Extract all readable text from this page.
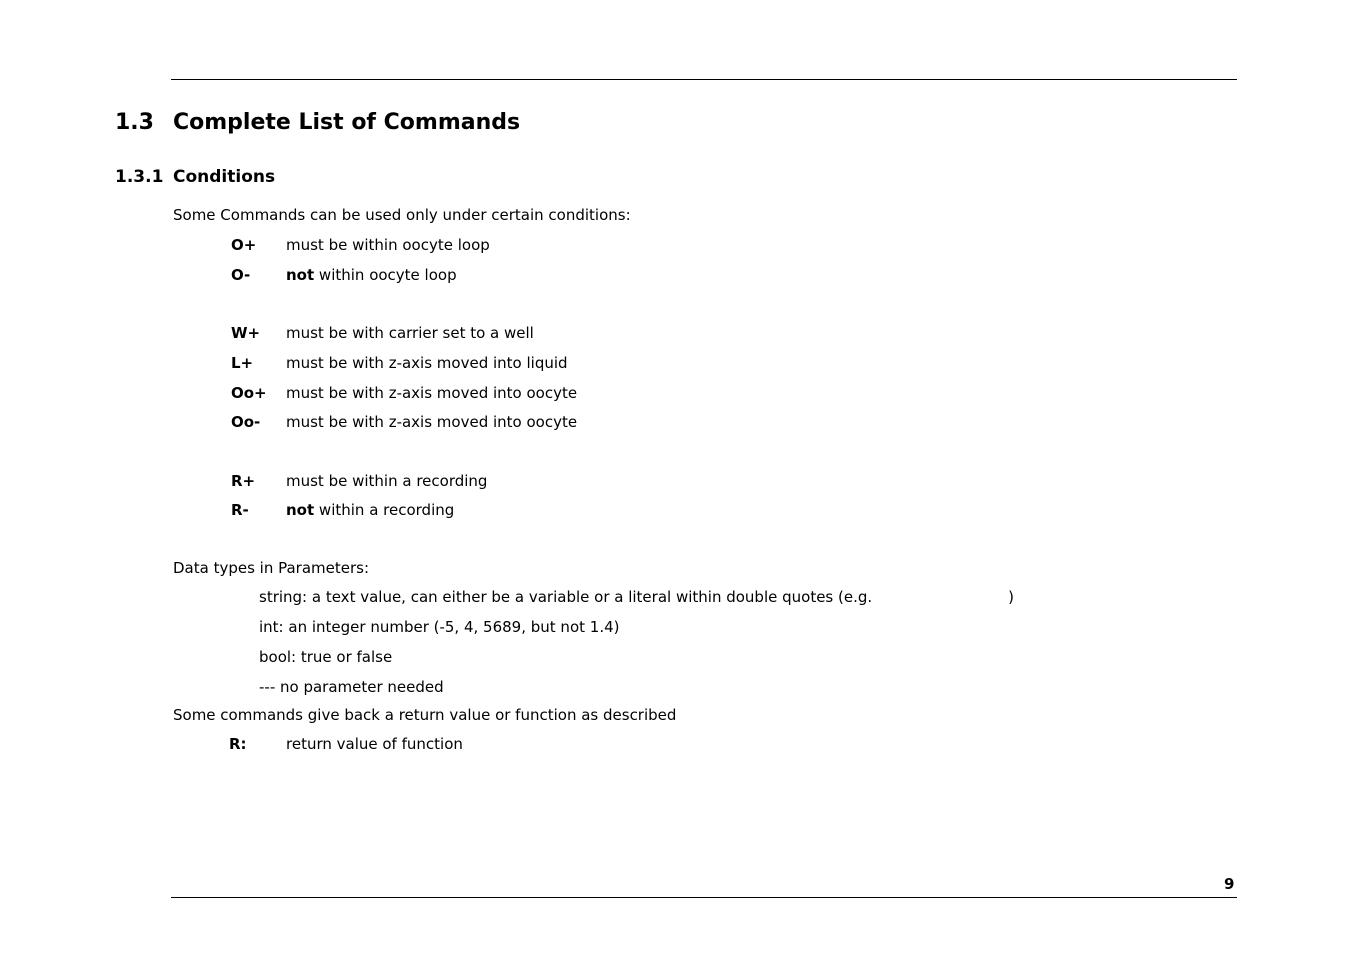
1.3 Complete List of Commands
1.3.1 Conditions
Some Commands can be used only under certain conditions:
O+ must be within oocyte loop
O- not within oocyte loop
W+ must be with carrier set to a well
L+ must be with z-axis moved into liquid
Oo+ must be with z-axis moved into oocyte
Oo- must be with z-axis moved into oocyte
R+ must be within a recording
R- not within a recording
Data types in Parameters:
string: a text value, can either be a variable or a literal within double quotes (e.g.	)
int: an integer number (-5, 4, 5689, but not 1.4)
bool: true or false
--- no parameter needed
Some commands give back a return value or function as described
R:	return value of function
9
